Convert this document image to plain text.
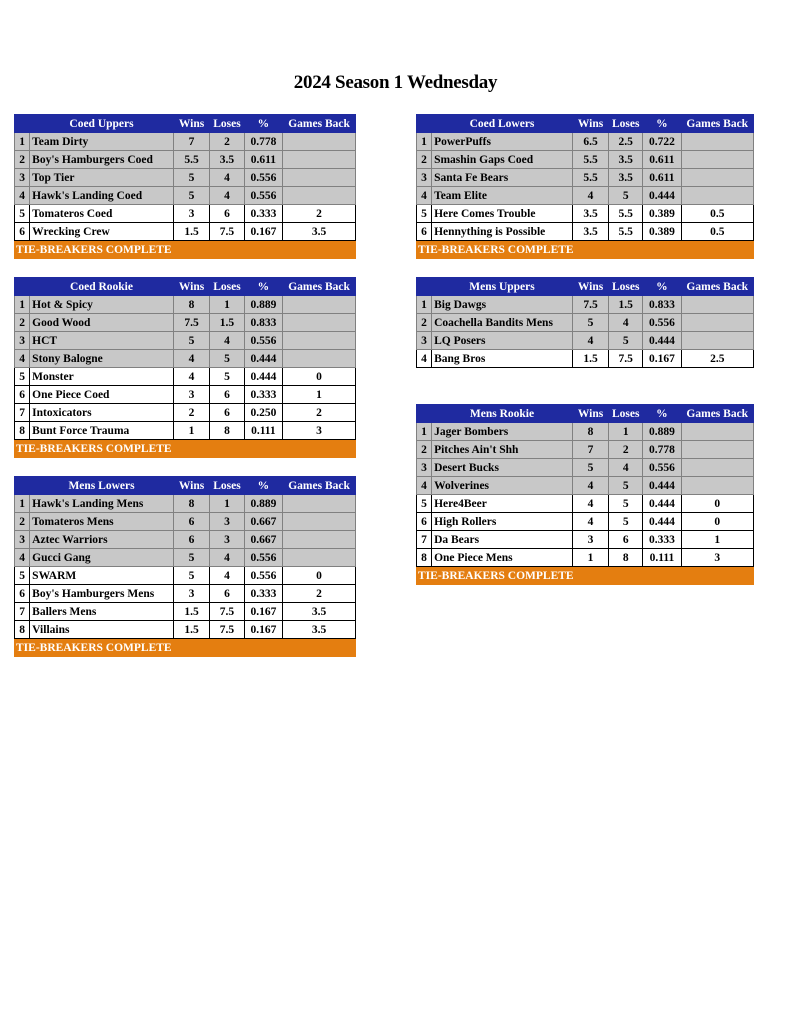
2024 Season 1 Wednesday
	Coed Uppers	Wins	Loses	%	Games Back
1	Team Dirty	7	2	0.778	
2	Boy's Hamburgers Coed	5.5	3.5	0.611	
3	Top Tier	5	4	0.556	
4	Hawk's Landing Coed	5	4	0.556	
5	Tomateros Coed	3	6	0.333	2
6	Wrecking Crew	1.5	7.5	0.167	3.5
TIE-BREAKERS COMPLETE					
	Coed Lowers	Wins	Loses	%	Games Back
1	PowerPuffs	6.5	2.5	0.722	
2	Smashin Gaps Coed	5.5	3.5	0.611	
3	Santa Fe Bears	5.5	3.5	0.611	
4	Team Elite	4	5	0.444	
5	Here Comes Trouble	3.5	5.5	0.389	0.5
6	Hennything is Possible	3.5	5.5	0.389	0.5
TIE-BREAKERS COMPLETE					
	Coed Rookie	Wins	Loses	%	Games Back
1	Hot & Spicy	8	1	0.889	
2	Good Wood	7.5	1.5	0.833	
3	HCT	5	4	0.556	
4	Stony Balogne	4	5	0.444	
5	Monster	4	5	0.444	0
6	One Piece Coed	3	6	0.333	1
7	Intoxicators	2	6	0.250	2
8	Bunt Force Trauma	1	8	0.111	3
TIE-BREAKERS COMPLETE					
	Mens Uppers	Wins	Loses	%	Games Back
1	Big Dawgs	7.5	1.5	0.833	
2	Coachella Bandits Mens	5	4	0.556	
3	LQ Posers	4	5	0.444	
4	Bang Bros	1.5	7.5	0.167	2.5
	Mens Rookie	Wins	Loses	%	Games Back
1	Jager Bombers	8	1	0.889	
2	Pitches Ain't Shh	7	2	0.778	
3	Desert Bucks	5	4	0.556	
4	Wolverines	4	5	0.444	
5	Here4Beer	4	5	0.444	0
6	High Rollers	4	5	0.444	0
7	Da Bears	3	6	0.333	1
8	One Piece Mens	1	8	0.111	3
TIE-BREAKERS COMPLETE					
	Mens Lowers	Wins	Loses	%	Games Back
1	Hawk's Landing Mens	8	1	0.889	
2	Tomateros Mens	6	3	0.667	
3	Aztec Warriors	6	3	0.667	
4	Gucci Gang	5	4	0.556	
5	SWARM	5	4	0.556	0
6	Boy's Hamburgers Mens	3	6	0.333	2
7	Ballers Mens	1.5	7.5	0.167	3.5
8	Villains	1.5	7.5	0.167	3.5
TIE-BREAKERS COMPLETE					
